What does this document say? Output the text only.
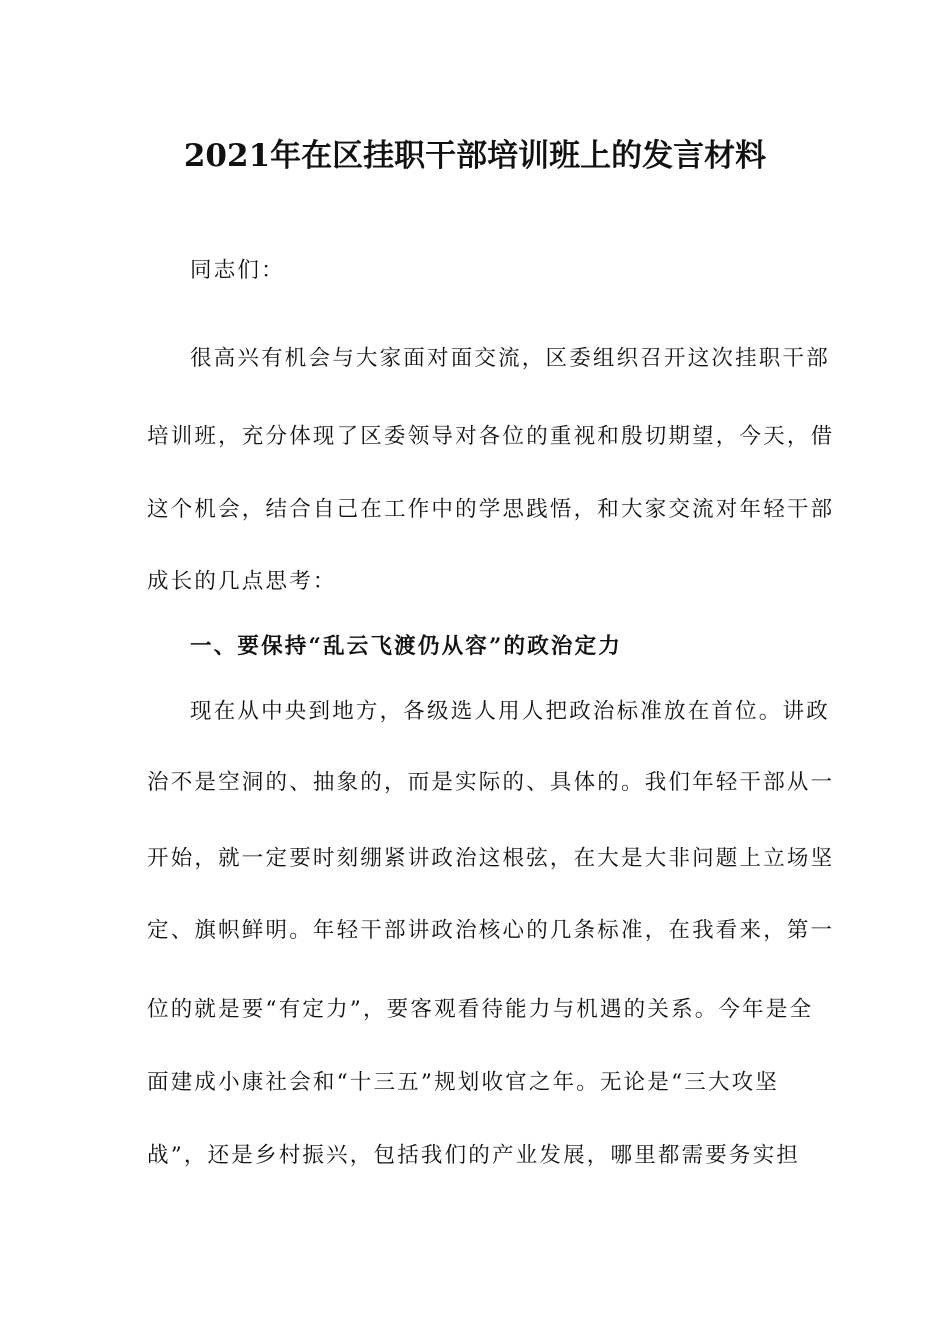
2021年在区挂职干部培训班上的发言材料
同志们：
很高兴有机会与大家面对面交流，区委组织召开这次挂职干部
培训班，充分体现了区委领导对各位的重视和殷切期望，今天，借
这个机会，结合自己在工作中的学思践悟，和大家交流对年轻干部
成长的几点思考：
一、要保持“乱云飞渡仍从容”的政治定力
现在从中央到地方，各级选人用人把政治标准放在首位。讲政
治不是空洞的、抽象的，而是实际的、具体的。我们年轻干部从一
开始，就一定要时刻绷紧讲政治这根弦，在大是大非问题上立场坚
定、旗帜鲜明。年轻干部讲政治核心的几条标准，在我看来，第一
位的就是要“有定力”，要客观看待能力与机遇的关系。今年是全
面建成小康社会和“十三五”规划收官之年。无论是“三大攻坚
战”，还是乡村振兴，包括我们的产业发展，哪里都需要务实担
